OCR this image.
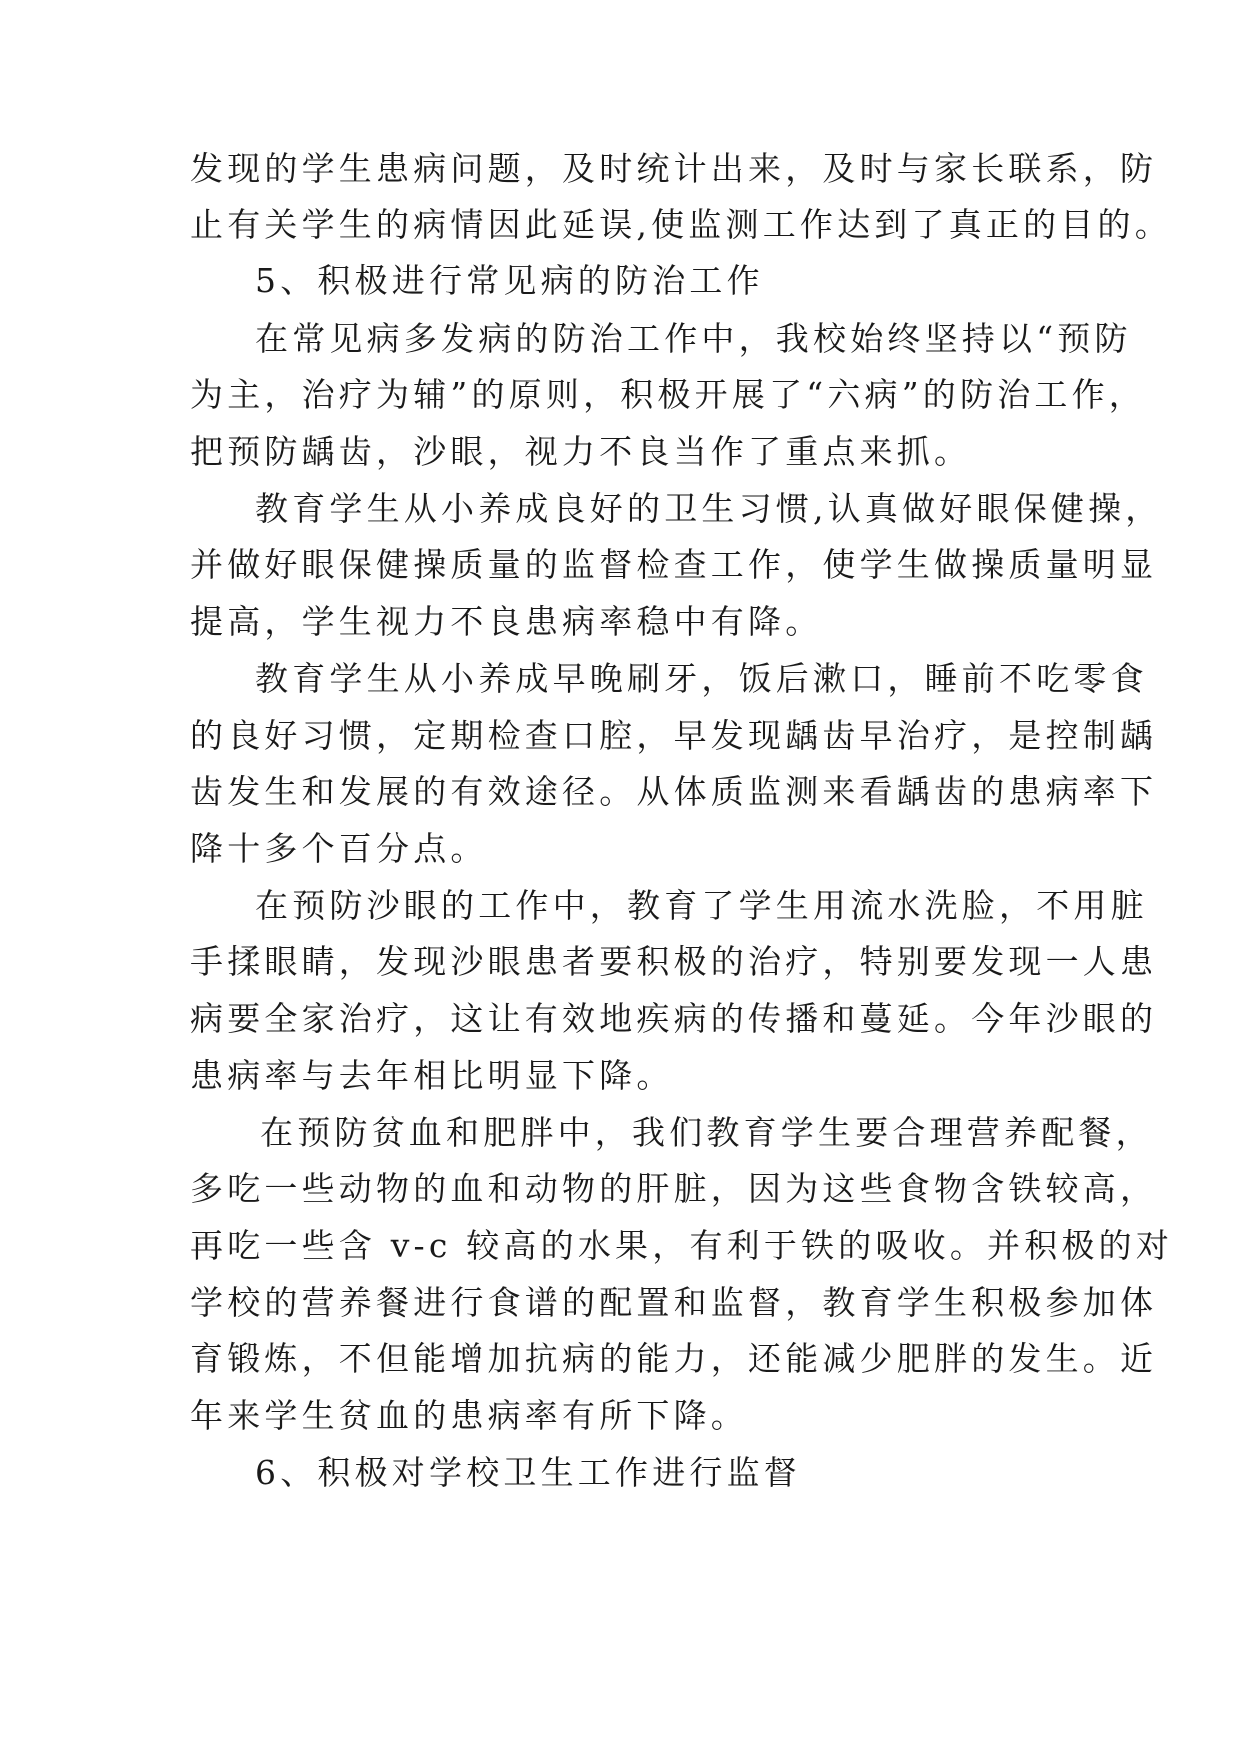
发现的学生患病问题，及时统计出来，及时与家长联系，防

止有关学生的病情因此延误,使监测工作达到了真正的目的。

5、积极进行常见病的防治工作

在常见病多发病的防治工作中，我校始终坚持以“预防

为主，治疗为辅”的原则，积极开展了“六病”的防治工作，

把预防龋齿，沙眼，视力不良当作了重点来抓。

教育学生从小养成良好的卫生习惯,认真做好眼保健操，

并做好眼保健操质量的监督检查工作，使学生做操质量明显

提高，学生视力不良患病率稳中有降。

教育学生从小养成早晚刷牙，饭后漱口，睡前不吃零食

的良好习惯，定期检查口腔，早发现龋齿早治疗，是控制龋

齿发生和发展的有效途径。从体质监测来看龋齿的患病率下

降十多个百分点。

在预防沙眼的工作中，教育了学生用流水洗脸，不用脏

手揉眼睛，发现沙眼患者要积极的治疗，特别要发现一人患

病要全家治疗，这让有效地疾病的传播和蔓延。今年沙眼的

患病率与去年相比明显下降。

在预防贫血和肥胖中，我们教育学生要合理营养配餐，

多吃一些动物的血和动物的肝脏，因为这些食物含铁较高，

再吃一些含 v-c 较高的水果，有利于铁的吸收。并积极的对

学校的营养餐进行食谱的配置和监督，教育学生积极参加体

育锻炼，不但能增加抗病的能力，还能减少肥胖的发生。近

年来学生贫血的患病率有所下降。

6、积极对学校卫生工作进行监督
